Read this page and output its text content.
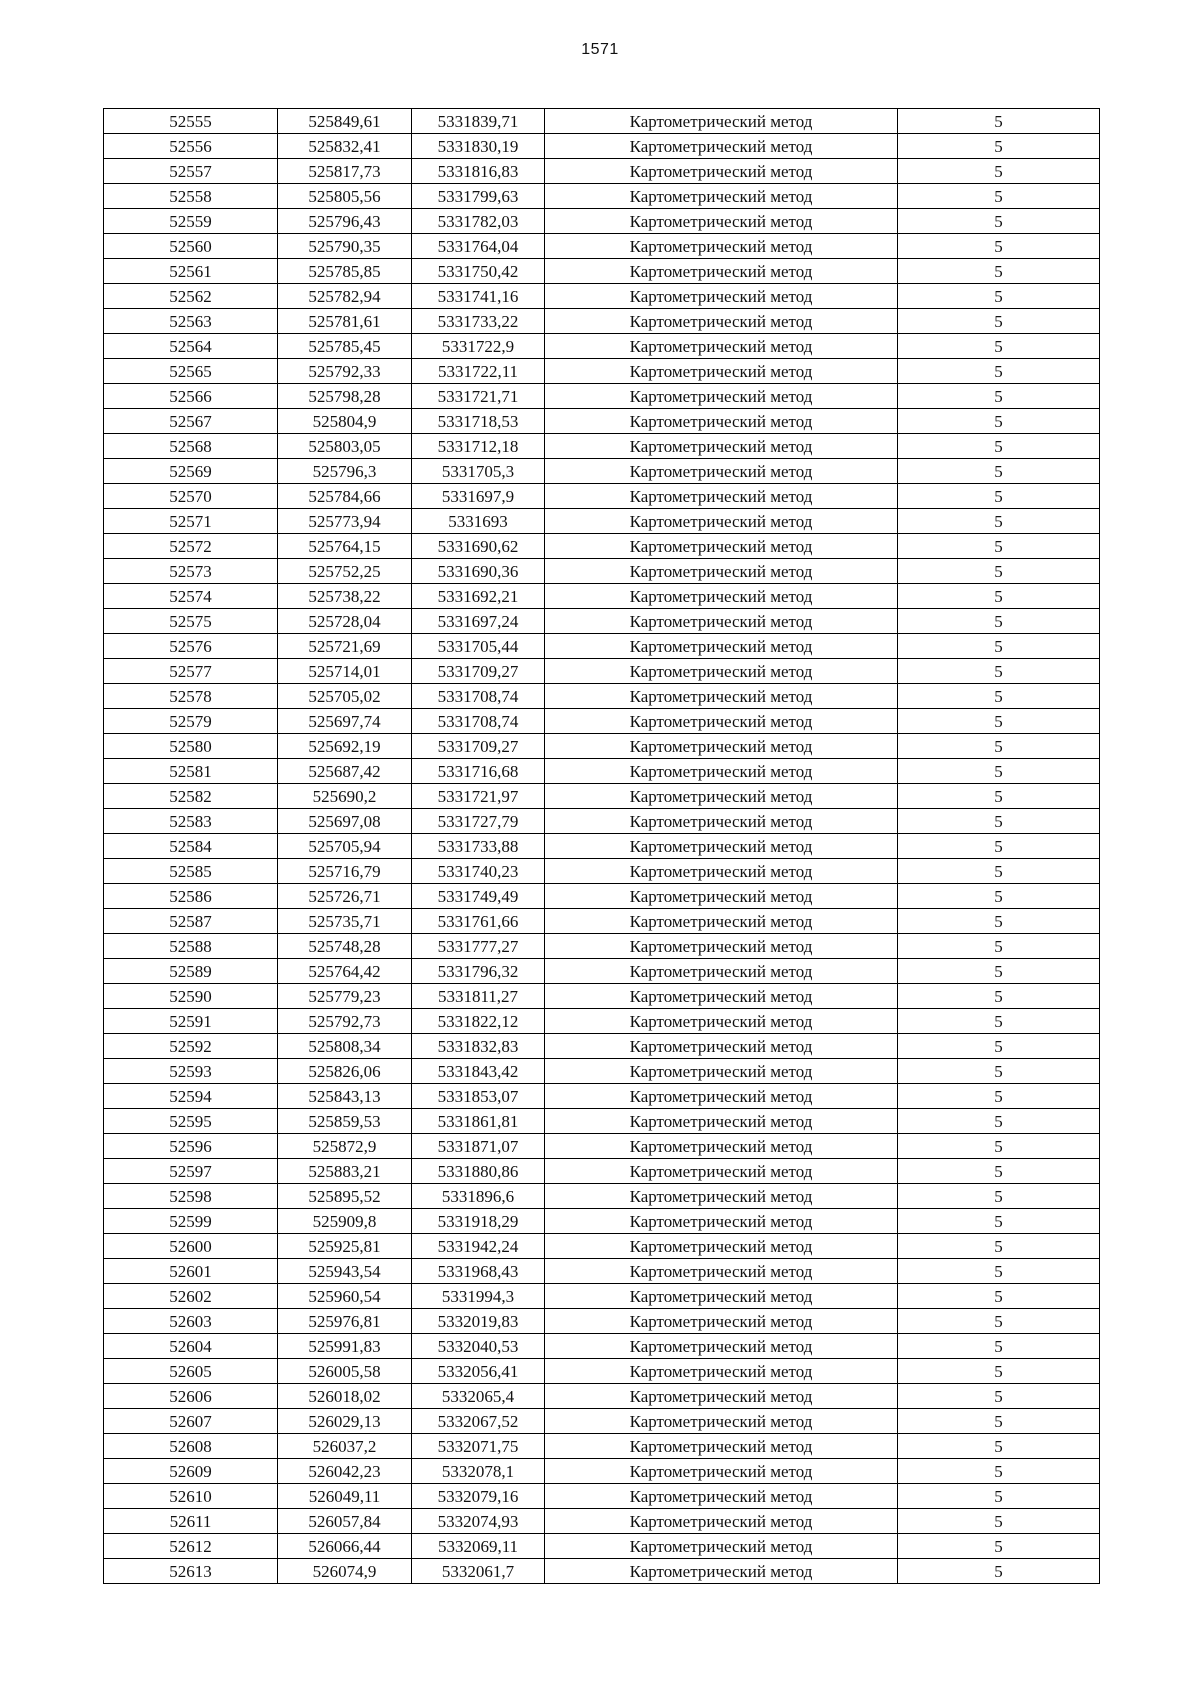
1571
52555	525849,61	5331839,71	Картометрический метод	5
52556	525832,41	5331830,19	Картометрический метод	5
52557	525817,73	5331816,83	Картометрический метод	5
52558	525805,56	5331799,63	Картометрический метод	5
52559	525796,43	5331782,03	Картометрический метод	5
52560	525790,35	5331764,04	Картометрический метод	5
52561	525785,85	5331750,42	Картометрический метод	5
52562	525782,94	5331741,16	Картометрический метод	5
52563	525781,61	5331733,22	Картометрический метод	5
52564	525785,45	5331722,9	Картометрический метод	5
52565	525792,33	5331722,11	Картометрический метод	5
52566	525798,28	5331721,71	Картометрический метод	5
52567	525804,9	5331718,53	Картометрический метод	5
52568	525803,05	5331712,18	Картометрический метод	5
52569	525796,3	5331705,3	Картометрический метод	5
52570	525784,66	5331697,9	Картометрический метод	5
52571	525773,94	5331693	Картометрический метод	5
52572	525764,15	5331690,62	Картометрический метод	5
52573	525752,25	5331690,36	Картометрический метод	5
52574	525738,22	5331692,21	Картометрический метод	5
52575	525728,04	5331697,24	Картометрический метод	5
52576	525721,69	5331705,44	Картометрический метод	5
52577	525714,01	5331709,27	Картометрический метод	5
52578	525705,02	5331708,74	Картометрический метод	5
52579	525697,74	5331708,74	Картометрический метод	5
52580	525692,19	5331709,27	Картометрический метод	5
52581	525687,42	5331716,68	Картометрический метод	5
52582	525690,2	5331721,97	Картометрический метод	5
52583	525697,08	5331727,79	Картометрический метод	5
52584	525705,94	5331733,88	Картометрический метод	5
52585	525716,79	5331740,23	Картометрический метод	5
52586	525726,71	5331749,49	Картометрический метод	5
52587	525735,71	5331761,66	Картометрический метод	5
52588	525748,28	5331777,27	Картометрический метод	5
52589	525764,42	5331796,32	Картометрический метод	5
52590	525779,23	5331811,27	Картометрический метод	5
52591	525792,73	5331822,12	Картометрический метод	5
52592	525808,34	5331832,83	Картометрический метод	5
52593	525826,06	5331843,42	Картометрический метод	5
52594	525843,13	5331853,07	Картометрический метод	5
52595	525859,53	5331861,81	Картометрический метод	5
52596	525872,9	5331871,07	Картометрический метод	5
52597	525883,21	5331880,86	Картометрический метод	5
52598	525895,52	5331896,6	Картометрический метод	5
52599	525909,8	5331918,29	Картометрический метод	5
52600	525925,81	5331942,24	Картометрический метод	5
52601	525943,54	5331968,43	Картометрический метод	5
52602	525960,54	5331994,3	Картометрический метод	5
52603	525976,81	5332019,83	Картометрический метод	5
52604	525991,83	5332040,53	Картометрический метод	5
52605	526005,58	5332056,41	Картометрический метод	5
52606	526018,02	5332065,4	Картометрический метод	5
52607	526029,13	5332067,52	Картометрический метод	5
52608	526037,2	5332071,75	Картометрический метод	5
52609	526042,23	5332078,1	Картометрический метод	5
52610	526049,11	5332079,16	Картометрический метод	5
52611	526057,84	5332074,93	Картометрический метод	5
52612	526066,44	5332069,11	Картометрический метод	5
52613	526074,9	5332061,7	Картометрический метод	5
